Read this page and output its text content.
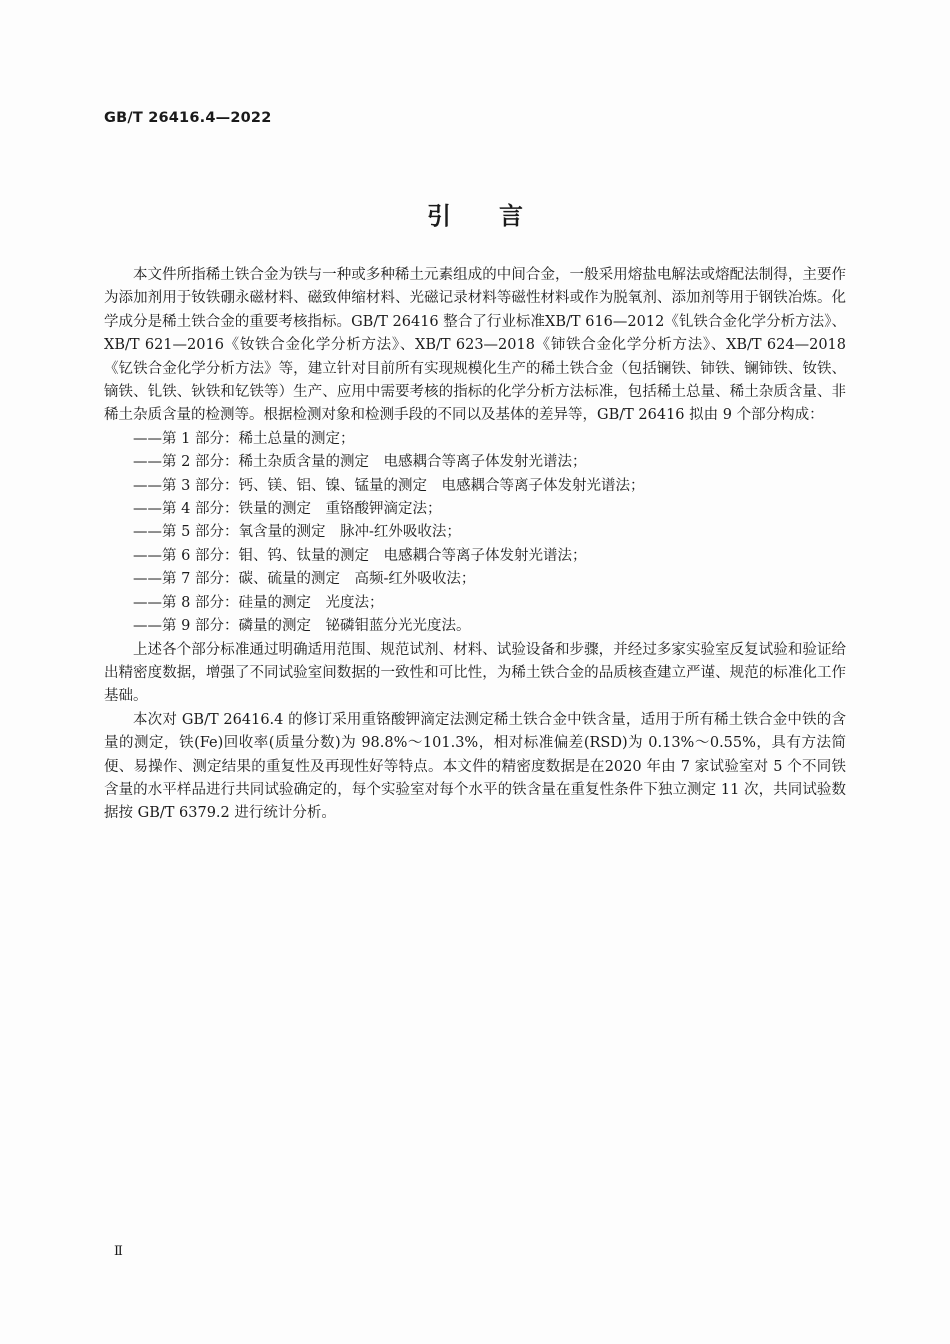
GB/T 26416.4—2022
引言

本文件所指稀土铁合金为铁与一种或多种稀土元素组成的中间合金，一般采用熔盐电解法或熔配法制得，主要作为添加剂用于钕铁硼永磁材料、磁致伸缩材料、光磁记录材料等磁性材料或作为脱氧剂、添加剂等用于钢铁冶炼。化学成分是稀土铁合金的重要考核指标。GB/T 26416 整合了行业标准XB/T 616—2012《钆铁合金化学分析方法》、XB/T 621—2016《钕铁合金化学分析方法》、XB/T 623—2018《铈铁合金化学分析方法》、XB/T 624—2018《钇铁合金化学分析方法》等，建立针对目前所有实现规模化生产的稀土铁合金（包括镧铁、铈铁、镧铈铁、钕铁、镝铁、钆铁、钬铁和钇铁等）生产、应用中需要考核的指标的化学分析方法标准，包括稀土总量、稀土杂质含量、非稀土杂质含量的检测等。根据检测对象和检测手段的不同以及基体的差异等，GB/T 26416 拟由 9 个部分构成：

——第 1 部分：稀土总量的测定；
——第 2 部分：稀土杂质含量的测定　电感耦合等离子体发射光谱法；
——第 3 部分：钙、镁、铝、镍、锰量的测定　电感耦合等离子体发射光谱法；
——第 4 部分：铁量的测定　重铬酸钾滴定法；
——第 5 部分：氧含量的测定　脉冲-红外吸收法；
——第 6 部分：钼、钨、钛量的测定　电感耦合等离子体发射光谱法；
——第 7 部分：碳、硫量的测定　高频-红外吸收法；
——第 8 部分：硅量的测定　光度法；
——第 9 部分：磷量的测定　铋磷钼蓝分光光度法。

上述各个部分标准通过明确适用范围、规范试剂、材料、试验设备和步骤，并经过多家实验室反复试验和验证给出精密度数据，增强了不同试验室间数据的一致性和可比性，为稀土铁合金的品质核查建立严谨、规范的标准化工作基础。

本次对 GB/T 26416.4 的修订采用重铬酸钾滴定法测定稀土铁合金中铁含量，适用于所有稀土铁合金中铁的含量的测定，铁(Fe)回收率(质量分数)为 98.8%～101.3%，相对标准偏差(RSD)为 0.13%～0.55%，具有方法简便、易操作、测定结果的重复性及再现性好等特点。本文件的精密度数据是在2020 年由 7 家试验室对 5 个不同铁含量的水平样品进行共同试验确定的，每个实验室对每个水平的铁含量在重复性条件下独立测定 11 次，共同试验数据按 GB/T 6379.2 进行统计分析。

Ⅱ
